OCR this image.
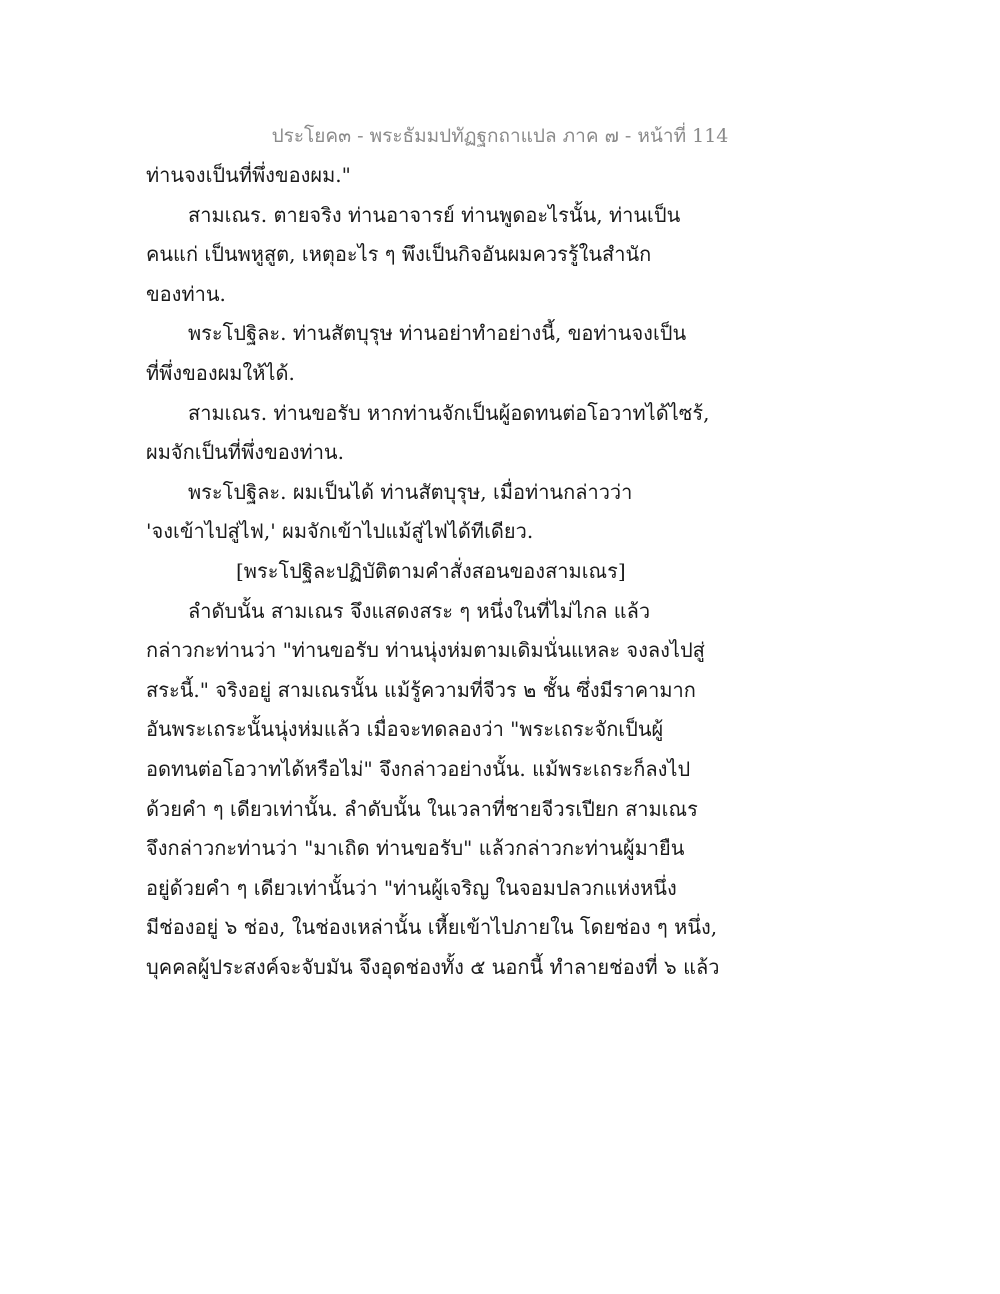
ประโยค๓ - พระธัมมปทัฏฐกถาแปล ภาค ๗ - หน้าที่ 114
ท่านจงเป็นที่พึ่งของผม."
สามเณร. ตายจริง ท่านอาจารย์ ท่านพูดอะไรนั้น, ท่านเป็น
คนแก่ เป็นพหูสูต, เหตุอะไร ๆ พึงเป็นกิจอันผมควรรู้ในสำนัก
ของท่าน.
พระโปฐิละ. ท่านสัตบุรุษ ท่านอย่าทำอย่างนี้, ขอท่านจงเป็น
ที่พึ่งของผมให้ได้.
สามเณร. ท่านขอรับ หากท่านจักเป็นผู้อดทนต่อโอวาทได้ไซร้,
ผมจักเป็นที่พึ่งของท่าน.
พระโปฐิละ. ผมเป็นได้ ท่านสัตบุรุษ, เมื่อท่านกล่าวว่า
'จงเข้าไปสู่ไฟ,' ผมจักเข้าไปแม้สู่ไฟได้ทีเดียว.
[พระโปฐิละปฏิบัติตามคำสั่งสอนของสามเณร]
ลำดับนั้น สามเณร จึงแสดงสระ ๆ หนึ่งในที่ไม่ไกล แล้ว
กล่าวกะท่านว่า "ท่านขอรับ ท่านนุ่งห่มตามเดิมนั่นแหละ จงลงไปสู่
สระนี้." จริงอยู่ สามเณรนั้น แม้รู้ความที่จีวร ๒ ชั้น ซึ่งมีราคามาก
อันพระเถระนั้นนุ่งห่มแล้ว เมื่อจะทดลองว่า "พระเถระจักเป็นผู้
อดทนต่อโอวาทได้หรือไม่" จึงกล่าวอย่างนั้น. แม้พระเถระก็ลงไป
ด้วยคำ ๆ เดียวเท่านั้น. ลำดับนั้น ในเวลาที่ชายจีวรเปียก สามเณร
จึงกล่าวกะท่านว่า "มาเถิด ท่านขอรับ" แล้วกล่าวกะท่านผู้มายืน
อยู่ด้วยคำ ๆ เดียวเท่านั้นว่า "ท่านผู้เจริญ ในจอมปลวกแห่งหนึ่ง
มีช่องอยู่ ๖ ช่อง, ในช่องเหล่านั้น เหี้ยเข้าไปภายใน โดยช่อง ๆ หนึ่ง,
บุคคลผู้ประสงค์จะจับมัน จึงอุดช่องทั้ง ๕ นอกนี้ ทำลายช่องที่ ๖ แล้ว
